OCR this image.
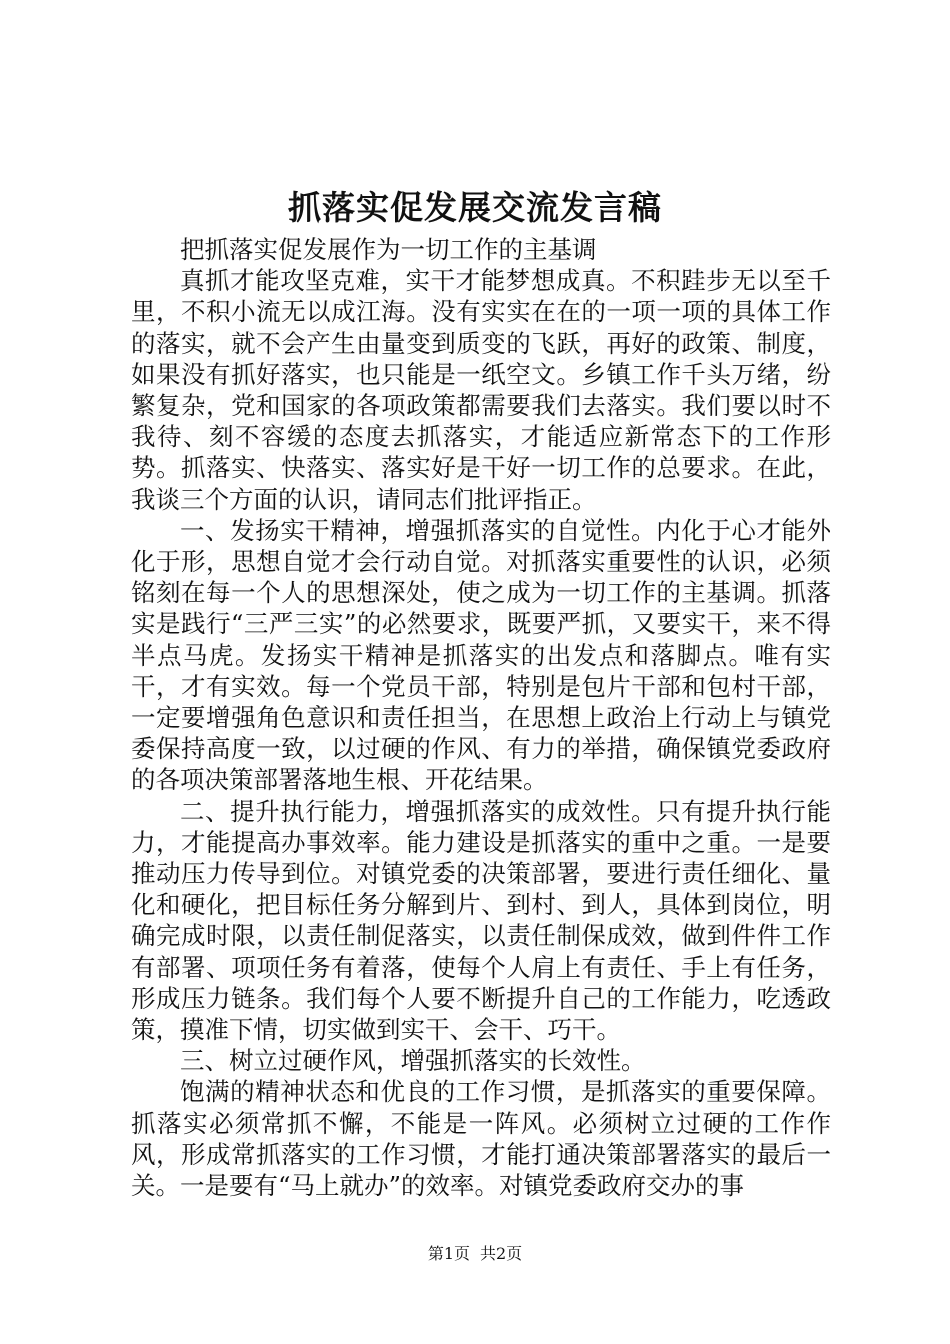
抓落实促发展交流发言稿

把抓落实促发展作为一切工作的主基调

真抓才能攻坚克难，实干才能梦想成真。不积跬步无以至千里，不积小流无以成江海。没有实实在在的一项一项的具体工作的落实，就不会产生由量变到质变的飞跃，再好的政策、制度，如果没有抓好落实，也只能是一纸空文。乡镇工作千头万绪，纷繁复杂，党和国家的各项政策都需要我们去落实。我们要以时不我待、刻不容缓的态度去抓落实，才能适应新常态下的工作形势。抓落实、快落实、落实好是干好一切工作的总要求。在此，我谈三个方面的认识，请同志们批评指正。

一、发扬实干精神，增强抓落实的自觉性。内化于心才能外化于形，思想自觉才会行动自觉。对抓落实重要性的认识，必须铭刻在每一个人的思想深处，使之成为一切工作的主基调。抓落实是践行“三严三实”的必然要求，既要严抓，又要实干，来不得半点马虎。发扬实干精神是抓落实的出发点和落脚点。唯有实干，才有实效。每一个党员干部，特别是包片干部和包村干部，一定要增强角色意识和责任担当，在思想上政治上行动上与镇党委保持高度一致，以过硬的作风、有力的举措，确保镇党委政府的各项决策部署落地生根、开花结果。

二、提升执行能力，增强抓落实的成效性。只有提升执行能力，才能提高办事效率。能力建设是抓落实的重中之重。一是要推动压力传导到位。对镇党委的决策部署，要进行责任细化、量化和硬化，把目标任务分解到片、到村、到人，具体到岗位，明确完成时限，以责任制促落实，以责任制保成效，做到件件工作有部署、项项任务有着落，使每个人肩上有责任、手上有任务，形成压力链条。我们每个人要不断提升自己的工作能力，吃透政策，摸准下情，切实做到实干、会干、巧干。

三、树立过硬作风，增强抓落实的长效性。

饱满的精神状态和优良的工作习惯，是抓落实的重要保障。抓落实必须常抓不懈，不能是一阵风。必须树立过硬的工作作风，形成常抓落实的工作习惯，才能打通决策部署落实的最后一关。一是要有“马上就办”的效率。对镇党委政府交办的事

第1页 共2页
